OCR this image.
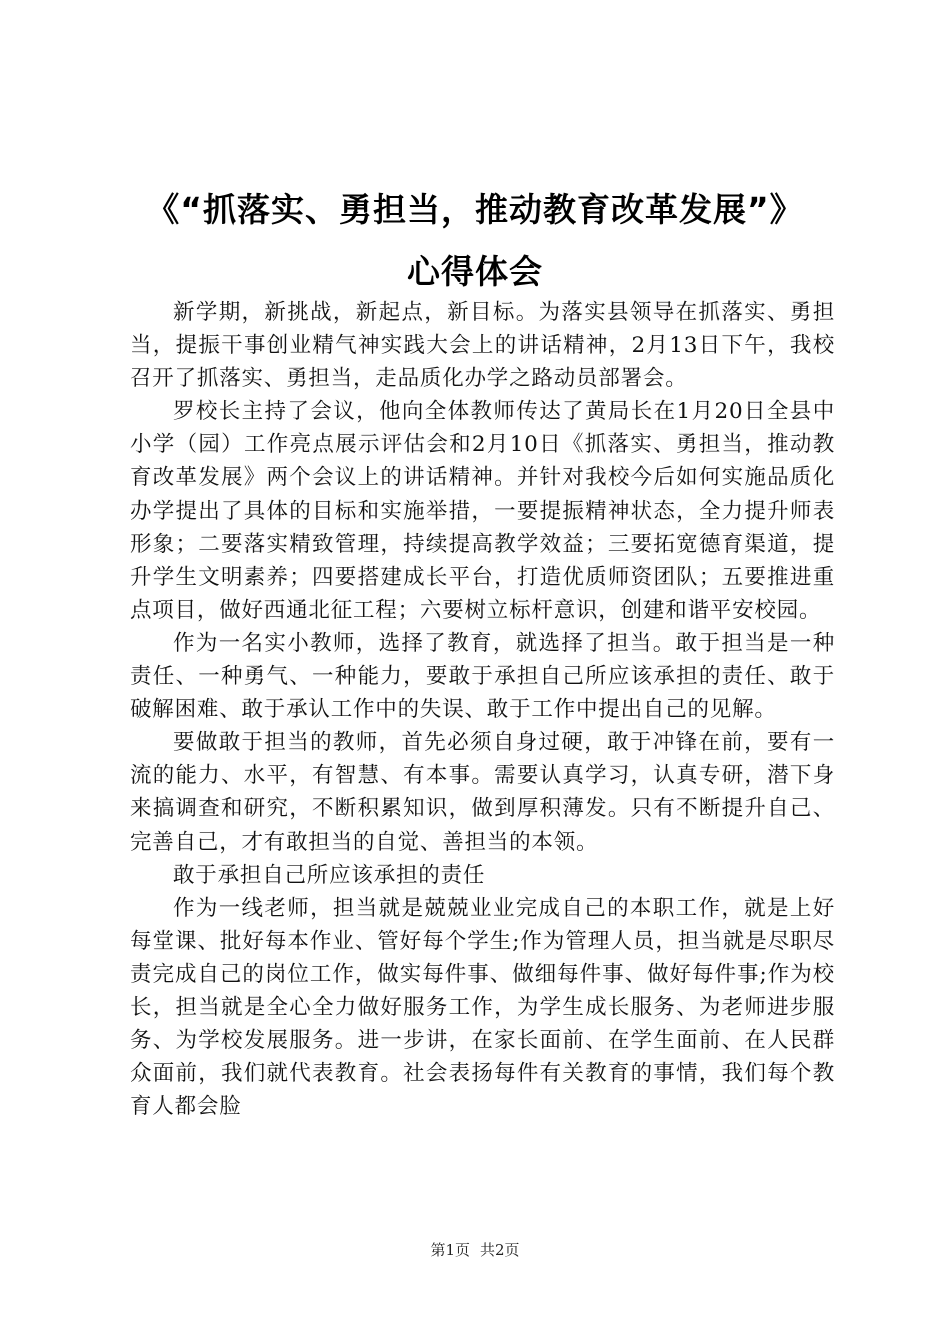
《“抓落实、勇担当，推动教育改革发展”》
心得体会

新学期，新挑战，新起点，新目标。为落实县领导在抓落实、勇担当，提振干事创业精气神实践大会上的讲话精神，2月13日下午，我校召开了抓落实、勇担当，走品质化办学之路动员部署会。

罗校长主持了会议，他向全体教师传达了黄局长在1月20日全县中小学（园）工作亮点展示评估会和2月10日《抓落实、勇担当，推动教育改革发展》两个会议上的讲话精神。并针对我校今后如何实施品质化办学提出了具体的目标和实施举措，一要提振精神状态，全力提升师表形象；二要落实精致管理，持续提高教学效益；三要拓宽德育渠道，提升学生文明素养；四要搭建成长平台，打造优质师资团队；五要推进重点项目，做好西通北征工程；六要树立标杆意识，创建和谐平安校园。

作为一名实小教师，选择了教育，就选择了担当。敢于担当是一种责任、一种勇气、一种能力，要敢于承担自己所应该承担的责任、敢于破解困难、敢于承认工作中的失误、敢于工作中提出自己的见解。

要做敢于担当的教师，首先必须自身过硬，敢于冲锋在前，要有一流的能力、水平，有智慧、有本事。需要认真学习，认真专研，潜下身来搞调查和研究，不断积累知识，做到厚积薄发。只有不断提升自己、完善自己，才有敢担当的自觉、善担当的本领。

敢于承担自己所应该承担的责任

作为一线老师，担当就是兢兢业业完成自己的本职工作，就是上好每堂课、批好每本作业、管好每个学生;作为管理人员，担当就是尽职尽责完成自己的岗位工作，做实每件事、做细每件事、做好每件事;作为校长，担当就是全心全力做好服务工作，为学生成长服务、为老师进步服务、为学校发展服务。进一步讲，在家长面前、在学生面前、在人民群众面前，我们就代表教育。社会表扬每件有关教育的事情，我们每个教育人都会脸

第1页 共2页
